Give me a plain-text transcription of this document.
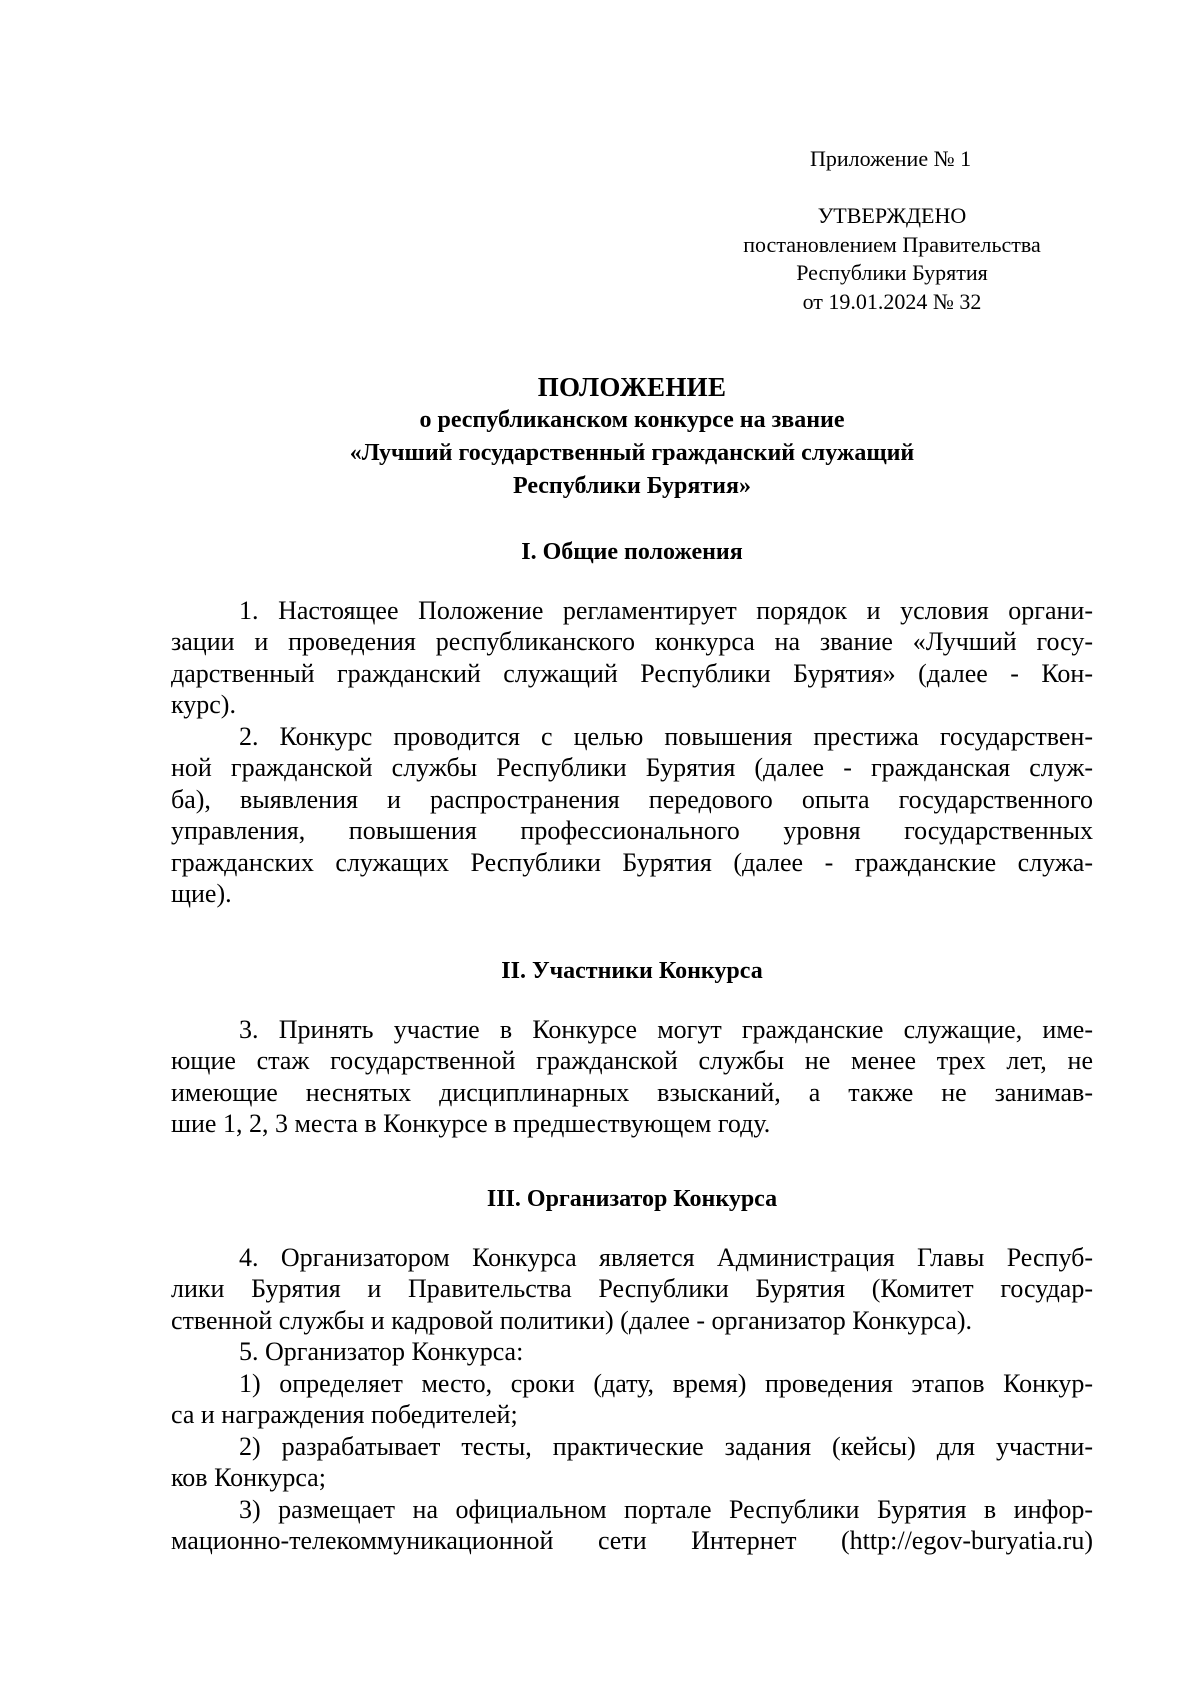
Приложение № 1
УТВЕРЖДЕНО
постановлением Правительства
Республики Бурятия
от 19.01.2024 № 32
ПОЛОЖЕНИЕ
о республиканском конкурсе на звание
«Лучший государственный гражданский служащий
Республики Бурятия»
I. Общие положения
1. Настоящее Положение регламентирует порядок и условия органи-
зации и проведения республиканского конкурса на звание «Лучший госу-
дарственный гражданский служащий Республики Бурятия» (далее - Кон-
курс).
2. Конкурс проводится с целью повышения престижа государствен-
ной гражданской службы Республики Бурятия (далее - гражданская служ-
ба), выявления и распространения передового опыта государственного
управления, повышения профессионального уровня государственных
гражданских служащих Республики Бурятия (далее - гражданские служа-
щие).
II. Участники Конкурса
3. Принять участие в Конкурсе могут гражданские служащие, име-
ющие стаж государственной гражданской службы не менее трех лет, не
имеющие неснятых дисциплинарных взысканий, а также не занимав-
шие 1, 2, 3 места в Конкурсе в предшествующем году.
III. Организатор Конкурса
4. Организатором Конкурса является Администрация Главы Респуб-
лики Бурятия и Правительства Республики Бурятия (Комитет государ-
ственной службы и кадровой политики) (далее - организатор Конкурса).
5. Организатор Конкурса:
1) определяет место, сроки (дату, время) проведения этапов Конкур-
са и награждения победителей;
2) разрабатывает тесты, практические задания (кейсы) для участни-
ков Конкурса;
3) размещает на официальном портале Республики Бурятия в инфор-
мационно-телекоммуникационной сети Интернет (http://egov-buryatia.ru)
